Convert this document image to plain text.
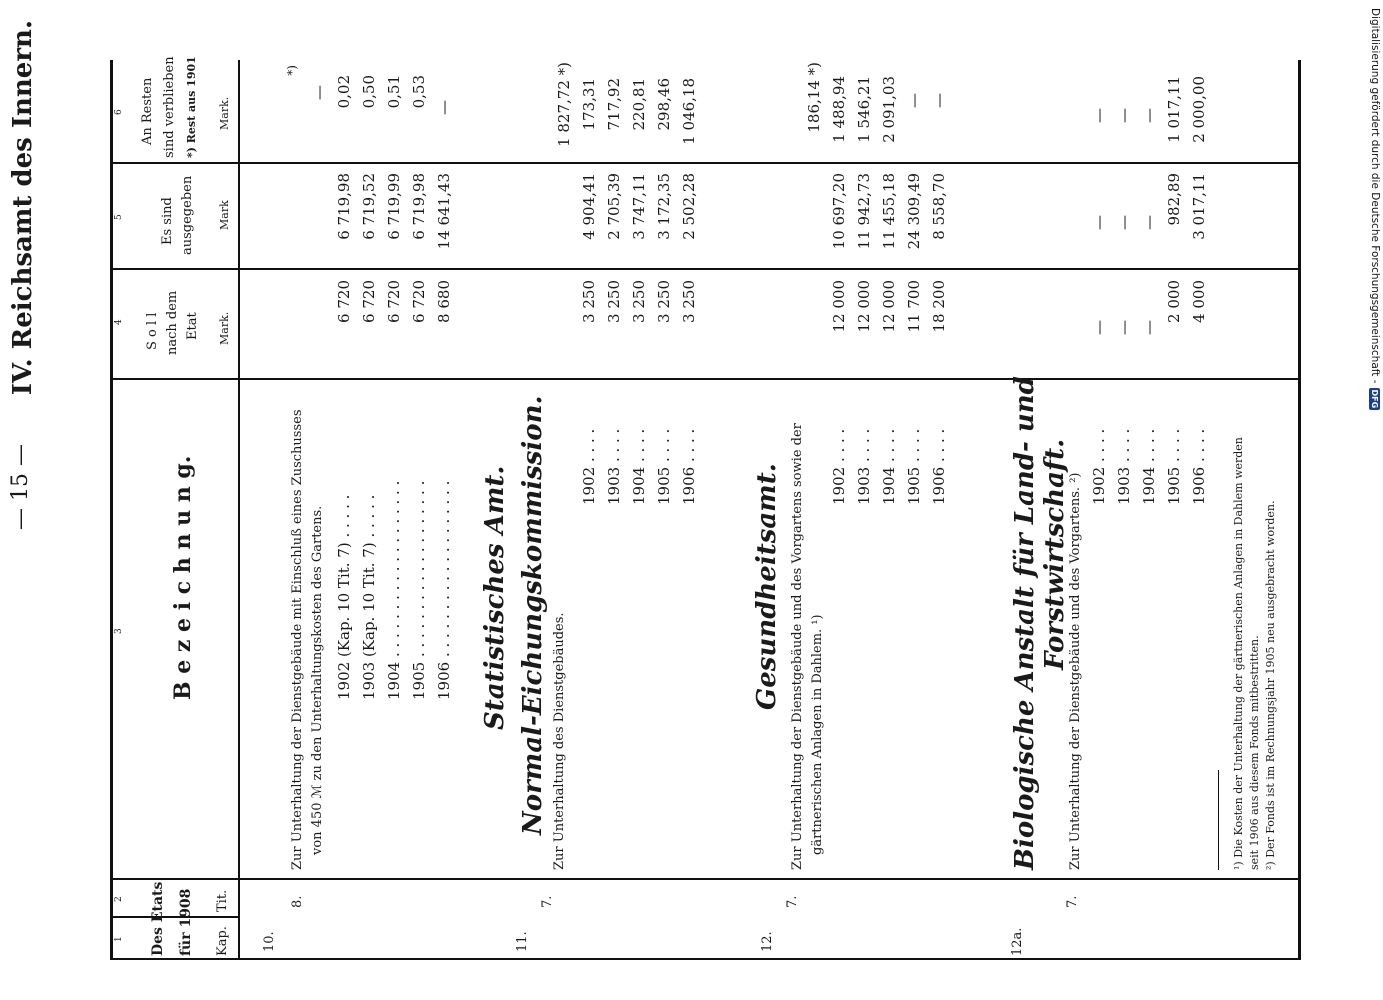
IV. Reichsamt des Innern.
— 15 —
1
2
3
4
5
6
Des Etats für 1908 Kap.
Tit.
B e z e i c h n u n g.
S o l l nach dem Etat Mark.
Es sind ausgegeben Mark
An Resten sind verblieben *) Rest aus 1901 Mark.
10.
8.
Statistisches Amt.
Zur Unterhaltung der Dienstgebäude mit Einschluß eines Zuschusses von 450 ℳ zu den Unterhaltungskosten des Gartens. 1902 (Kap. 10 Tit. 7) . . . . . 1903 (Kap. 10 Tit. 7) . . . . . 1904 . . . . . . . . . . . . . . . . . . . 1905 . . . . . . . . . . . . . . . . . . . 1906 . . . . . . . . . . . . . . . . . . .
6 720 6 720 6 720 6 720 8 680
6 719,98 6 719,52 6 719,99 6 719,98 14 641,43
*)
— 0,02 0,50 0,51 0,53 —
11.
7.
Normal-Eichungskommission. Zur Unterhaltung des Dienstgebäudes.
1902 . . . . 1903 . . . . 1904 . . . . 1905 . . . . 1906 . . . .
3 250 3 250 3 250 3 250 3 250
4 904,41 2 705,39 3 747,11 3 172,35 2 502,28
1 827,72 *) 173,31 717,92 220,81 298,46 1 046,18
12.
7.
Gesundheitsamt. Zur Unterhaltung der Dienstgebäude und des Vorgartens sowie der gärtnerischen Anlagen in Dahlem. ¹)
1902 . . . . 1903 . . . . 1904 . . . . 1905 . . . . 1906 . . . .
12 000 12 000 12 000 11 700 18 200
10 697,20 11 942,73 11 455,18 24 309,49 8 558,70
186,14 *) 1 488,94 1 546,21 2 091,03 — —
12a.
7.
Biologische Anstalt für Land- und Forstwirtschaft.
Zur Unterhaltung der Dienstgebäude und des Vorgartens. ²)
1902 . . . . 1903 . . . . 1904 . . . . 1905 . . . . 1906 . . . .
— — —
2 000 4 000
— — — 982,89 3 017,11
— — — 1 017,11 2 000,00
¹) Die Kosten der Unterhaltung der gärtnerischen Anlagen in Dahlem werden seit 1906 aus diesem Fonds mitbestritten. ²) Der Fonds ist im Rechnungsjahr 1905 neu ausgebracht worden.
Digitalisierung gefördert durch die Deutsche Forschungsgemeinschaft -
DFG
